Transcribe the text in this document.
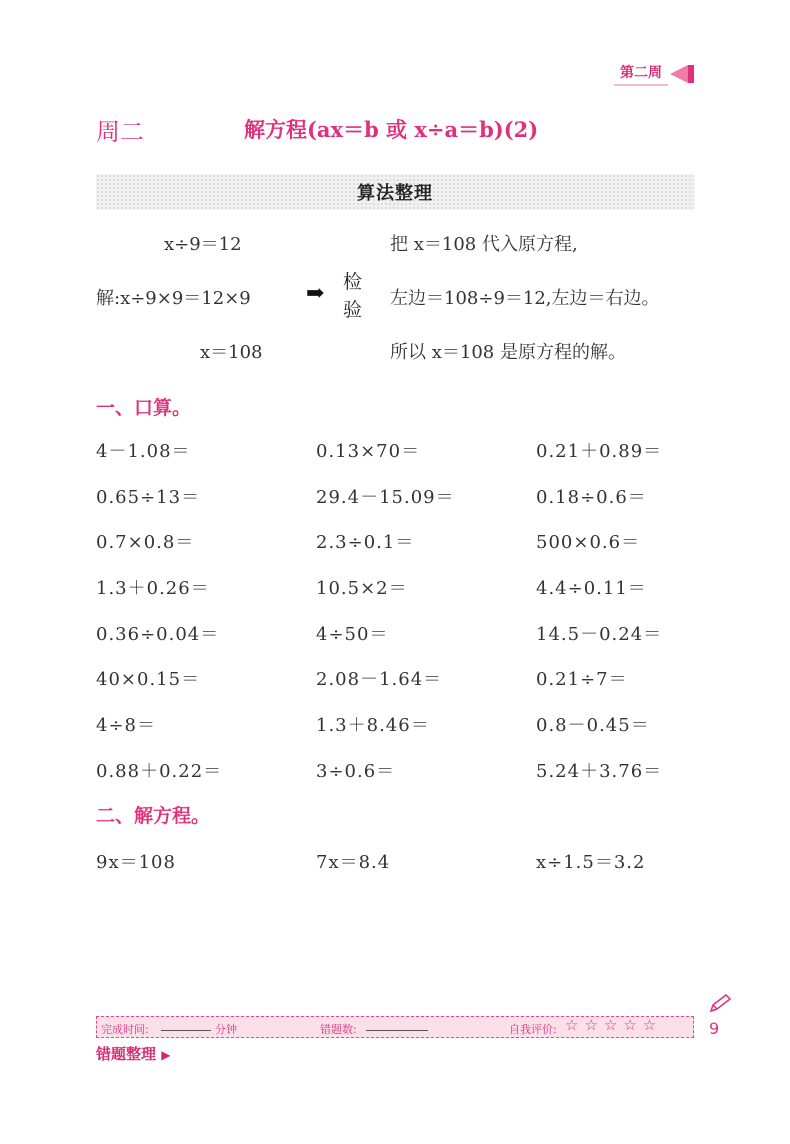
第二周
周二	解方程(ax＝b 或 x÷a＝b)(2)
算法整理
x÷9＝12
解:x÷9×9＝12×9
x＝108
➡ 检验
把 x＝108 代入原方程,
左边＝108÷9＝12,左边＝右边。
所以 x＝108 是原方程的解。
一、口算。
4－1.08＝	0.13×70＝	0.21＋0.89＝
0.65÷13＝	29.4－15.09＝	0.18÷0.6＝
0.7×0.8＝	2.3÷0.1＝	500×0.6＝
1.3＋0.26＝	10.5×2＝	4.4÷0.11＝
0.36÷0.04＝	4÷50＝	14.5－0.24＝
40×0.15＝	2.08－1.64＝	0.21÷7＝
4÷8＝	1.3＋8.46＝	0.8－0.45＝
0.88＋0.22＝	3÷0.6＝	5.24＋3.76＝
二、解方程。
9x＝108	7x＝8.4	x÷1.5＝3.2
完成时间:	分钟	错题数:	自我评价: ☆☆☆☆☆	9
错题整理 ▶
